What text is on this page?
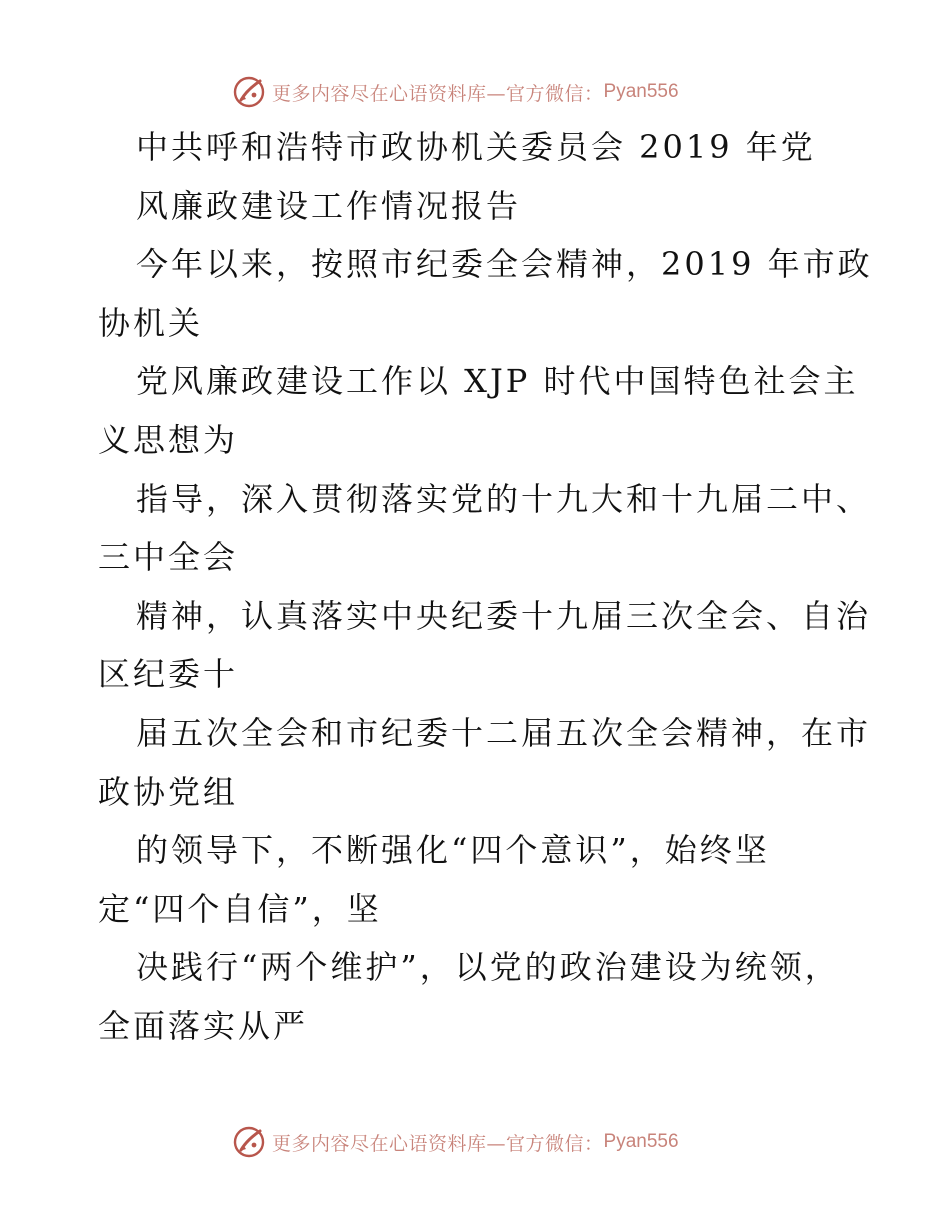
更多内容尽在心语资料库—官方微信： Pyan556
中共呼和浩特市政协机关委员会 2019 年党
风廉政建设工作情况报告
今年以来，按照市纪委全会精神，2019 年市政
协机关
党风廉政建设工作以 XJP 时代中国特色社会主
义思想为
指导，深入贯彻落实党的十九大和十九届二中、
三中全会
精神，认真落实中央纪委十九届三次全会、自治
区纪委十
届五次全会和市纪委十二届五次全会精神，在市
政协党组
的领导下，不断强化“四个意识”，始终坚
定“四个自信”，坚
决践行“两个维护”，以党的政治建设为统领，
全面落实从严
更多内容尽在心语资料库—官方微信： Pyan556
